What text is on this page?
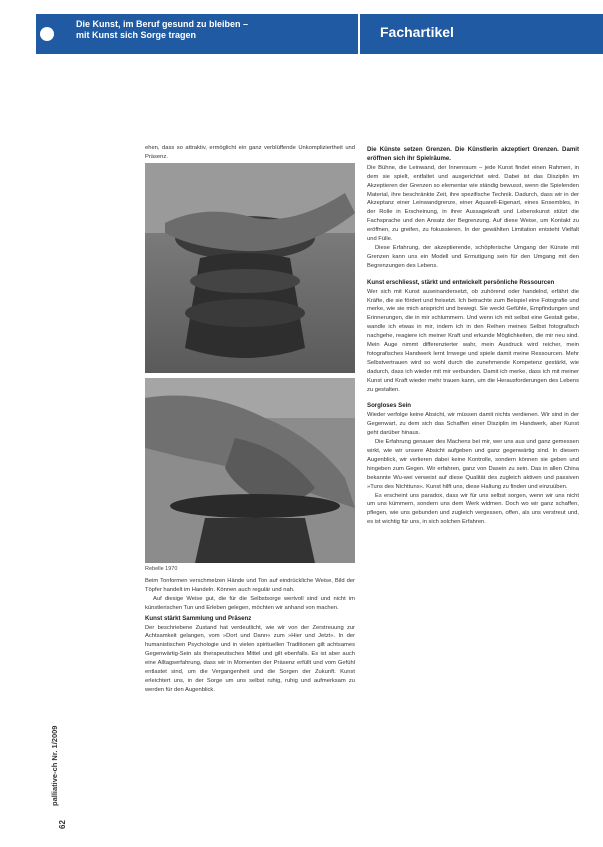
Die Kunst, im Beruf gesund zu bleiben –
mit Kunst sich Sorge tragen	Fachartikel

ehen, dass so attraktiv, ermöglicht ein ganz verblüffende Unkompliziertheit und Präsenz.

Rebelle 1970

Beim Tonformen verschmelzen Hände und Ton auf eindrückliche Weise, Bild der Töpfer handelt im Handeln. Können auch regulär und nah.

Auf diesige Weise gut, die für die Selbstsorge wertvoll sind und nicht im künstlerischen Tun und Erleben gelegen, möchten wir anhand von machen.

Kunst stärkt Sammlung und Präsenz

Der beschriebene Zustand hat verdeutlicht, wie wir von der Zerstreuung zur Achtsamkeit gelangen, vom »Dort und Dann« zum »Hier und Jetzt«. In der humanistischen Psychologie und in vielen spirituellen Traditionen gilt achtsames Gegenwärtig-Sein als therapeutisches Mittel und gilt ebenfalls. Es ist aber auch eine Alltagserfahrung, dass wir in Momenten der Präsenz erfüllt und vom Gefühl entlastet sind, um die Vergangenheit und die Sorgen der Zukunft. Kunst erleichtert uns, in der Sorge um uns selbst ruhig, ruhig und aufmerksam zu werden für den Augenblick.

Die Künste setzen Grenzen. Die Künstlerin akzeptiert Grenzen. Damit eröffnen sich ihr Spielräume.

Die Bühne, die Leinwand, der Innenraum – jede Kunst findet einen Rahmen, in dem sie spielt, entfaltet und ausgerichtet wird. Dabei ist das Disziplin im Akzeptieren der Grenzen so elementar wie ständig bewusst, wenn die Spielenden Material, ihre beschränkte Zeit, ihre spezifische Technik. Dadurch, dass wir in der Akzeptanz einer Leinwandgrenze, einer Aquarell-Eigenart, eines Ensembles, in der Rolle in Erscheinung, in ihrer Aussagekraft und Lebenskunst stützt die Fachsprache und den Ansatz der Begrenzung. Auf diese Weise, um Kontakt zu eröffnen, zu greifen, zu fokussieren. In der gewählten Limitation entsteht Vielfalt und Fülle.

Diese Erfahrung, der akzeptierende, schöpferische Umgang der Künste mit Grenzen kann uns ein Modell und Ermutigung sein für den Umgang mit den Begrenzungen des Lebens.

Kunst erschliesst, stärkt und entwickelt persönliche Ressourcen

Wer sich mit Kunst auseinandersetzt, ob zuhörend oder handelnd, erfährt die Kräfte, die sie fördert und freisetzt. Ich betrachte zum Beispiel eine Fotografie und merke, wie sie mich anspricht und bewegt. Sie weckt Gefühle, Empfindungen und Erinnerungen, die in mir schlummern. Und wenn ich mit selbst eine Gestalt gebe, wandle ich etwas in mir, indem ich in den Reihen meines Selbst fotografisch nachgehe, reagiere ich meiner Kraft und erkunde Möglichkeiten, die mir neu sind. Mein Auge nimmt differenzierter wahr, mein Ausdruck wird reicher, mein fotografisches Handwerk lernt Irrwege und spiele damit meine Ressourcen. Mehr Selbstvertrauen wird so wohl durch die zunehmende Kompetenz gestärkt, wie dadurch, dass ich wieder mit mir verbunden. Damit ich merke, dass ich mit meiner Kunst und Kraft wieder mehr trauen kann, um die Herausforderungen des Lebens zu gestalten.

Sorgloses Sein

Wieder verfolge keine Absicht, wir müssen damit nichts verdienen. Wir sind in der Gegenwart, zu dem sich das Schaffen einer Disziplin im Handwerk, aber Kunst geht darüber hinaus.

Die Erfahrung genauer des Machens bei mir, wer uns aus und ganz gemessen wirkt, wie wir unsere Absicht aufgeben und ganz gegenwärtig sind. In diesem Augenblick, wir verlieren dabei keine Kontrolle, sondern können sie geben und hingeben zum Gegen. Wir erfahren, ganz von Dasein zu sein. Das in allen China bekannte Wu-wei verweist auf diese Qualität des zugleich aktiven und passiven »Tuns des Nichttuns«. Kunst hilft uns, diese Haltung zu finden und einzuüben.

Es erscheint uns paradox, dass wir für uns selbst sorgen, wenn wir uns nicht um uns kümmern, sondern uns dem Werk widmen. Doch wo wir ganz schaffen, pflegen, wie uns gebunden und zugleich vergessen, offen, als uns verstreut und, es ist wichtig für uns, in sich solchen Erfahren.

palliative-ch Nr. 1/2009
62
